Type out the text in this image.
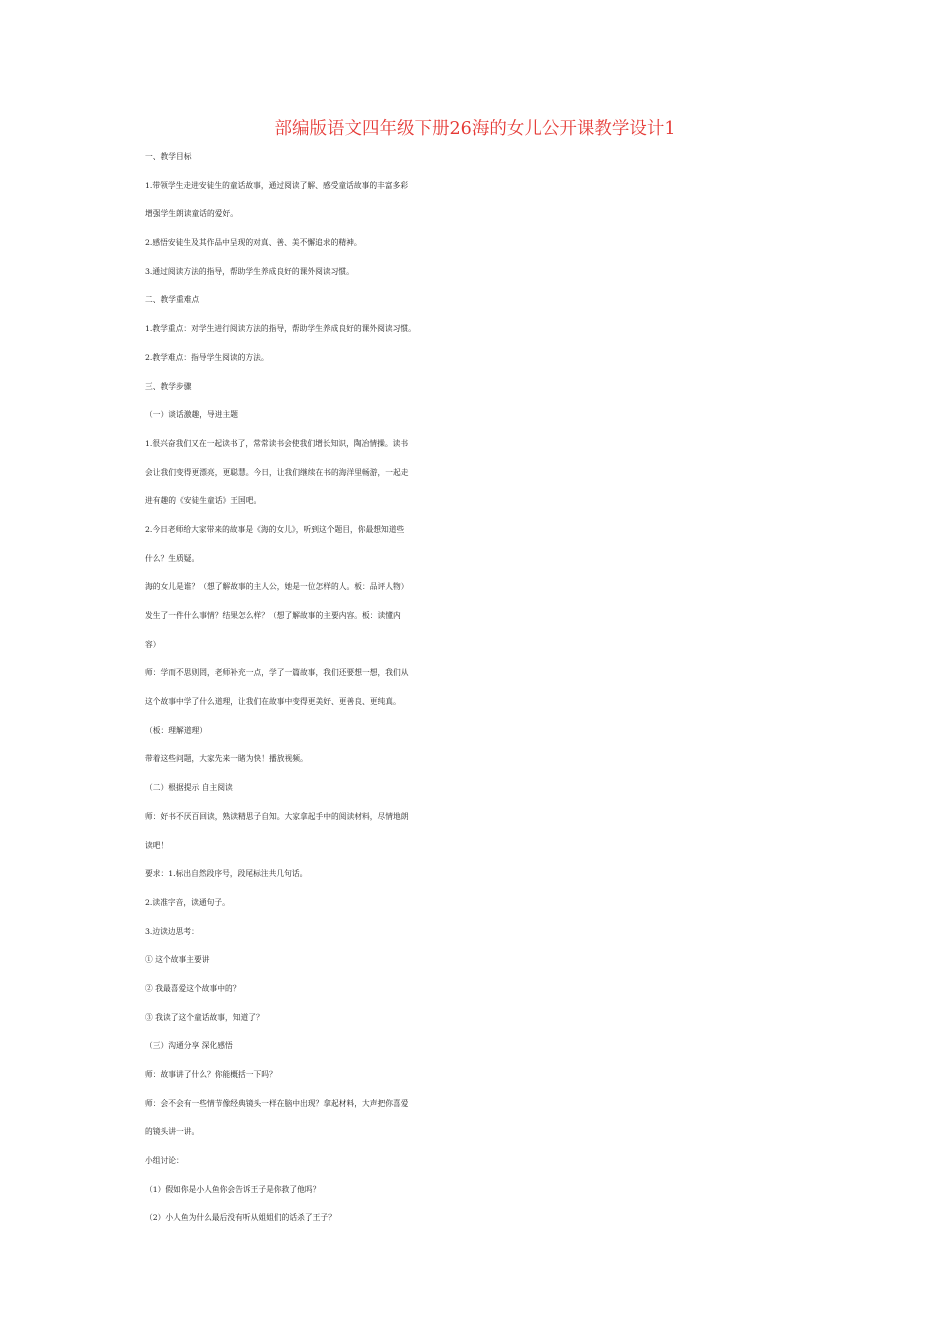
部编版语文四年级下册26海的女儿公开课教学设计1
一、教学目标
1.带领学生走进安徒生的童话故事，通过阅读了解、感受童话故事的丰富多彩
增强学生朗读童话的爱好。
2.感悟安徒生及其作品中呈现的对真、善、美不懈追求的精神。
3.通过阅读方法的指导，帮助学生养成良好的课外阅读习惯。
二、教学重难点
1.教学重点：对学生进行阅读方法的指导，帮助学生养成良好的课外阅读习惯。
2.教学难点：指导学生阅读的方法。
三、教学步骤
（一）谈话激趣，导进主题
1.很兴奋我们又在一起读书了，常常读书会使我们增长知识，陶冶情操。读书
会让我们变得更漂亮，更聪慧。今日，让我们继续在书的海洋里畅游，一起走
进有趣的《安徒生童话》王国吧。
2.今日老师给大家带来的故事是《海的女儿》，听到这个题目，你最想知道些
什么？生质疑。
海的女儿是谁？（想了解故事的主人公，她是一位怎样的人。板：品评人物）
发生了一件什么事情？结果怎么样？（想了解故事的主要内容。板：读懂内
容）
师：学而不思则罔，老师补充一点，学了一篇故事，我们还要想一想，我们从
这个故事中学了什么道理，让我们在故事中变得更美好、更善良、更纯真。
（板：理解道理）
带着这些问题，大家先来一睹为快！播放视频。
（二）根据提示 自主阅读
师：好书不厌百回读，熟读精思子自知。大家拿起手中的阅读材料，尽情地朗
读吧！
要求：1.标出自然段序号，段尾标注共几句话。
2.读准字音，读通句子。
3.边读边思考：
① 这个故事主要讲
② 我最喜爱这个故事中的？
③ 我读了这个童话故事，知道了？
（三）沟通分享 深化感悟
师：故事讲了什么？你能概括一下吗？
师：会不会有一些情节像经典镜头一样在脑中出现？拿起材料，大声把你喜爱
的镜头讲一讲。
小组讨论：
（1）假如你是小人鱼你会告诉王子是你救了他吗？
（2）小人鱼为什么最后没有听从姐姐们的话杀了王子？
